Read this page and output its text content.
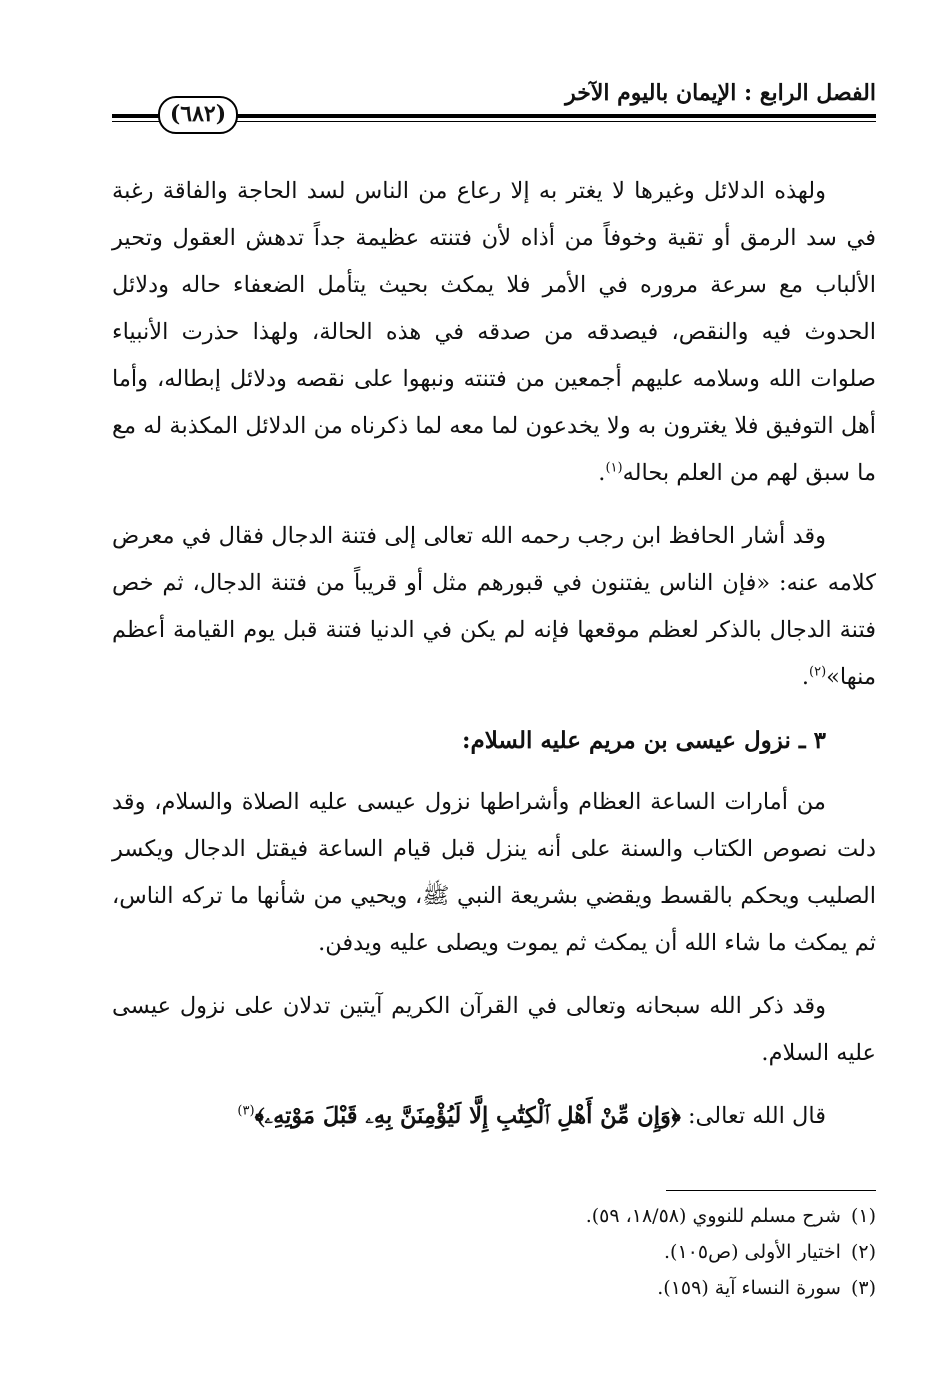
الفصل الرابع : الإيمان باليوم الآخر
(٦٨٢)

ولهذه الدلائل وغيرها لا يغتر به إلا رعاع من الناس لسد الحاجة والفاقة رغبة في سد الرمق أو تقية وخوفاً من أذاه لأن فتنته عظيمة جداً تدهش العقول وتحير الألباب مع سرعة مروره في الأمر فلا يمكث بحيث يتأمل الضعفاء حاله ودلائل الحدوث فيه والنقص، فيصدقه من صدقه في هذه الحالة، ولهذا حذرت الأنبياء صلوات الله وسلامه عليهم أجمعين من فتنته ونبهوا على نقصه ودلائل إبطاله، وأما أهل التوفيق فلا يغترون به ولا يخدعون لما معه لما ذكرناه من الدلائل المكذبة له مع ما سبق لهم من العلم بحاله$^{(١)}$.

وقد أشار الحافظ ابن رجب رحمه الله تعالى إلى فتنة الدجال فقال في معرض كلامه عنه: «فإن الناس يفتنون في قبورهم مثل أو قريباً من فتنة الدجال، ثم خص فتنة الدجال بالذكر لعظم موقعها فإنه لم يكن في الدنيا فتنة قبل يوم القيامة أعظم منها»$^{(٢)}$.

٣ ـ نزول عيسى بن مريم عليه السلام:

من أمارات الساعة العظام وأشراطها نزول عيسى عليه الصلاة والسلام، وقد دلت نصوص الكتاب والسنة على أنه ينزل قبل قيام الساعة فيقتل الدجال ويكسر الصليب ويحكم بالقسط ويقضي بشريعة النبي ﷺ، ويحيي من شأنها ما تركه الناس، ثم يمكث ما شاء الله أن يمكث ثم يموت ويصلى عليه ويدفن.

وقد ذكر الله سبحانه وتعالى في القرآن الكريم آيتين تدلان على نزول عيسى عليه السلام.

قال الله تعالى: ﴿وَإِن مِّنْ أَهْلِ ٱلْكِتَٰبِ إِلَّا لَيُؤْمِنَنَّ بِهِۦ قَبْلَ مَوْتِهِۦ﴾$^{(٣)}$

(١)شرح مسلم للنووي (١٨/٥٨، ٥٩).

(٢)اختيار الأولى (ص١٠٥).

(٣)سورة النساء آية (١٥٩).
